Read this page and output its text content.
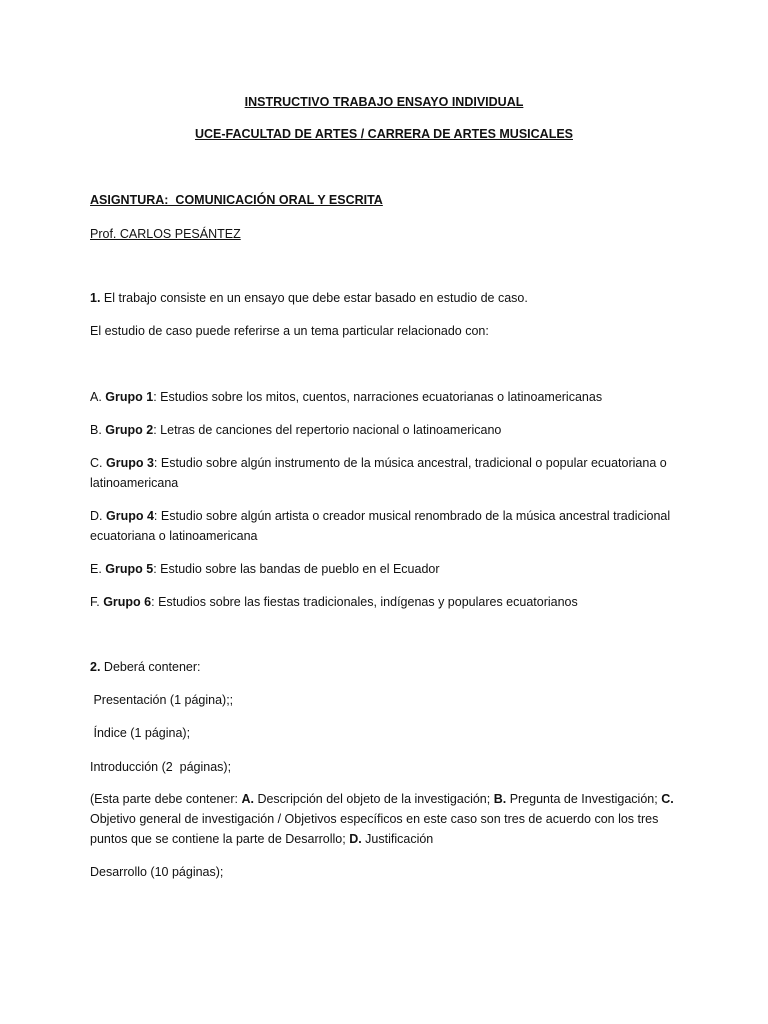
INSTRUCTIVO TRABAJO ENSAYO INDIVIDUAL
UCE-FACULTAD DE ARTES / CARRERA DE ARTES MUSICALES
ASIGNTURA:  COMUNICACIÓN ORAL Y ESCRITA
Prof. CARLOS PESÁNTEZ
1. El trabajo consiste en un ensayo que debe estar basado en estudio de caso.
El estudio de caso puede referirse a un tema particular relacionado con:
A. Grupo 1: Estudios sobre los mitos, cuentos, narraciones ecuatorianas o latinoamericanas
B. Grupo 2: Letras de canciones del repertorio nacional o latinoamericano
C. Grupo 3: Estudio sobre algún instrumento de la música ancestral, tradicional o popular ecuatoriana o latinoamericana
D. Grupo 4: Estudio sobre algún artista o creador musical renombrado de la música ancestral tradicional ecuatoriana o latinoamericana
E. Grupo 5: Estudio sobre las bandas de pueblo en el Ecuador
F. Grupo 6: Estudios sobre las fiestas tradicionales, indígenas y populares ecuatorianos
2. Deberá contener:
Presentación (1 página);;
Índice (1 página);
Introducción (2  páginas);
(Esta parte debe contener: A. Descripción del objeto de la investigación; B. Pregunta de Investigación; C. Objetivo general de investigación / Objetivos específicos en este caso son tres de acuerdo con los tres puntos que se contiene la parte de Desarrollo; D. Justificación
Desarrollo (10 páginas);
